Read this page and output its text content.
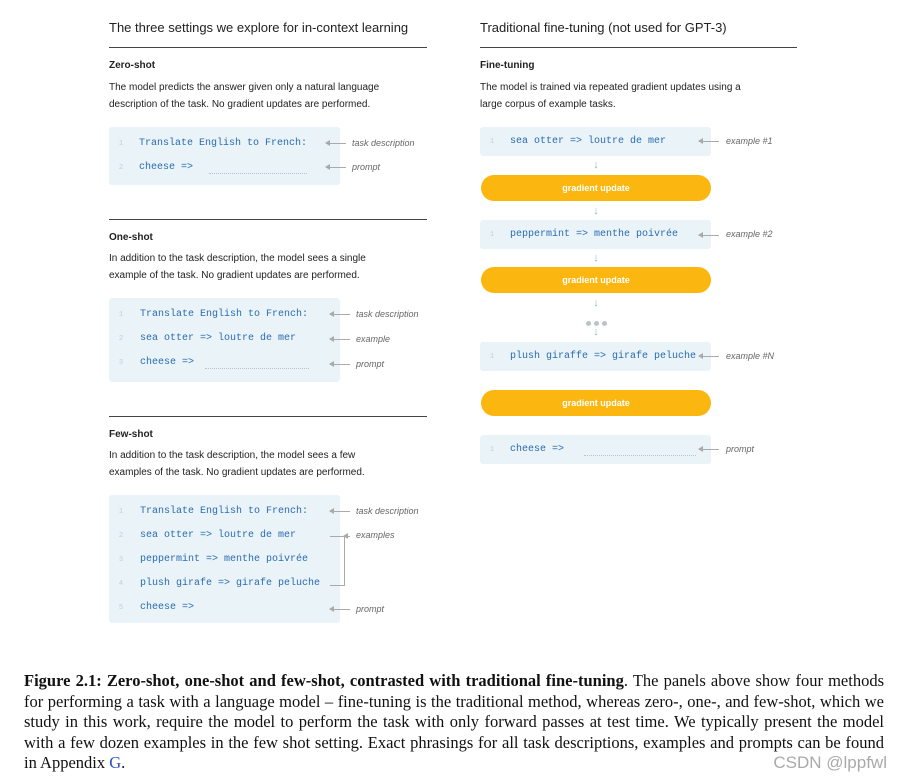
The three settings we explore for in-context learning
Zero-shot
The model predicts the answer given only a natural language
description of the task. No gradient updates are performed.
1 Translate English to French:
2 cheese =>
task description
prompt
One-shot
In addition to the task description, the model sees a single
example of the task. No gradient updates are performed.
1 Translate English to French:
2 sea otter => loutre de mer
3 cheese =>
task description
example
prompt
Few-shot
In addition to the task description, the model sees a few
examples of the task. No gradient updates are performed.
1 Translate English to French:
2 sea otter => loutre de mer
3 peppermint => menthe poivrée
4 plush girafe => girafe peluche
5 cheese =>
task description
examples
prompt
Traditional fine-tuning (not used for GPT-3)
Fine-tuning
The model is trained via repeated gradient updates using a
large corpus of example tasks.
1 sea otter => loutre de mer	example #1
↓
gradient update
↓
1 peppermint => menthe poivrée	example #2
↓
gradient update
↓
↓
1 plush giraffe => girafe peluche	example #N
gradient update
1 cheese =>	prompt
Figure 2.1: Zero-shot, one-shot and few-shot, contrasted with traditional fine-tuning. The panels above show four methods for performing a task with a language model – fine-tuning is the traditional method, whereas zero-, one-, and few-shot, which we study in this work, require the model to perform the task with only forward passes at test time. We typically present the model with a few dozen examples in the few shot setting. Exact phrasings for all task descriptions, examples and prompts can be found in Appendix G.	CSDN @lppfwl
